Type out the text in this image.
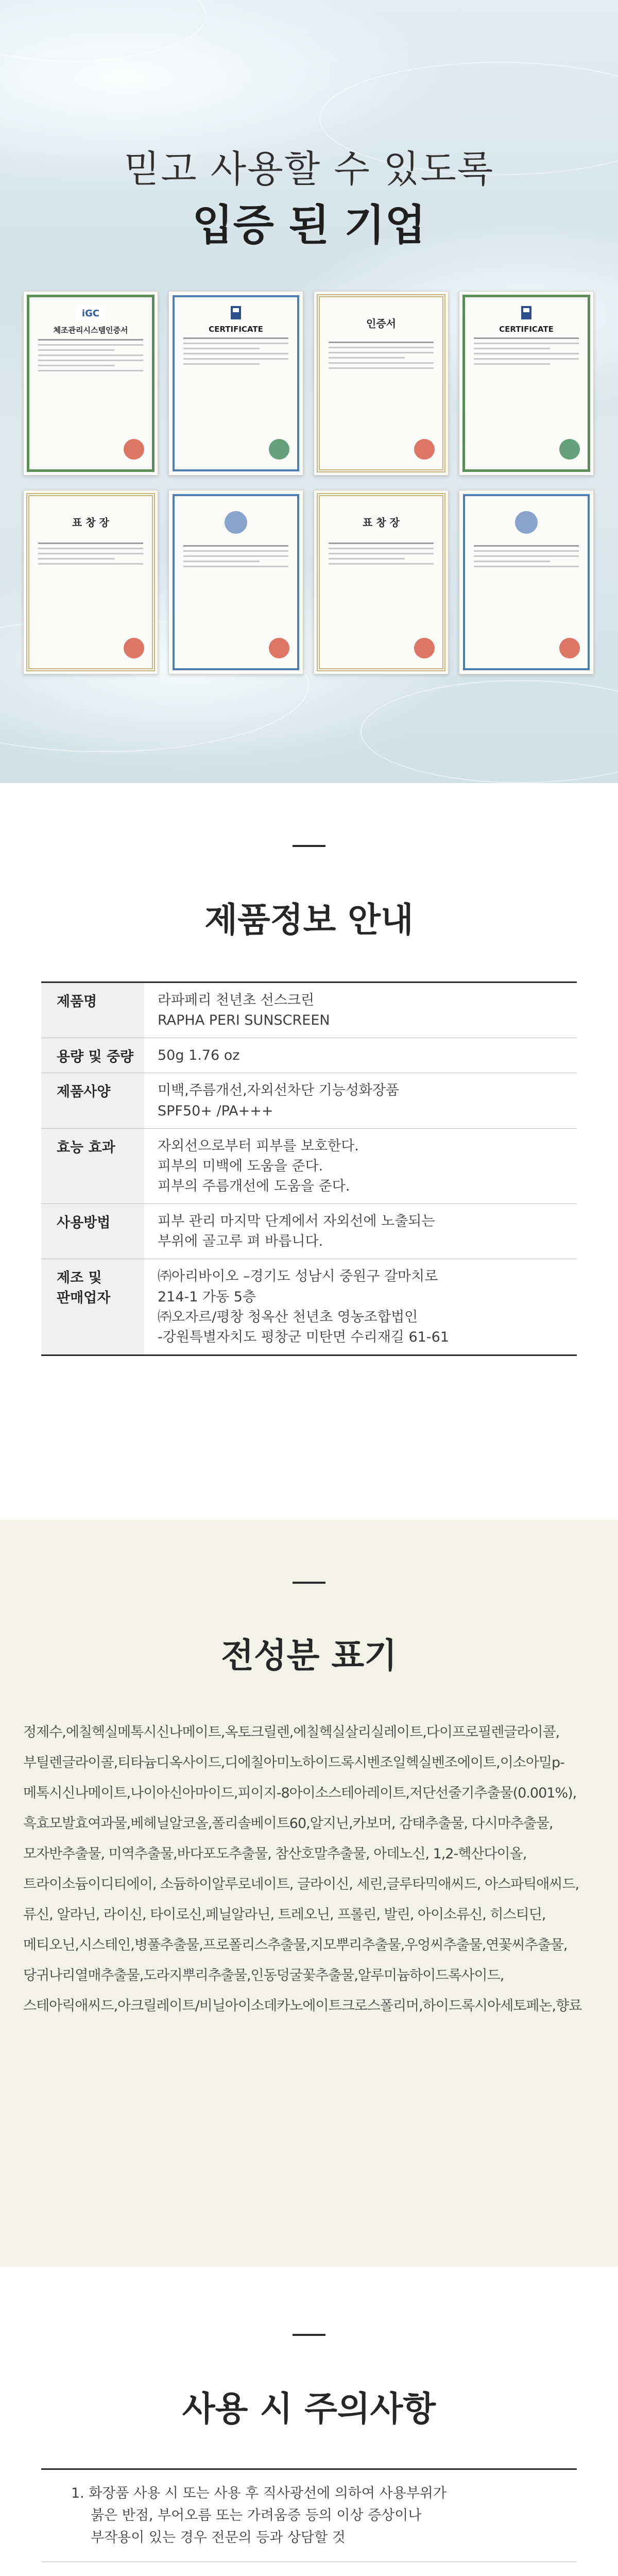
믿고 사용할 수 있도록
입증 된 기업
iGC
체조관리시스템인증서	CERTIFICATE	인증서	CERTIFICATE
표 창 장	표 창 장
제품정보 안내
제품명	라파페리 천년초 선스크린
RAPHA PERI SUNSCREEN
용량 및 중량	50g 1.76 oz
제품사양	미백,주름개선,자외선차단 기능성화장품
SPF50+ /PA+++
효능 효과	자외선으로부터 피부를 보호한다.
피부의 미백에 도움을 준다.
피부의 주름개선에 도움을 준다.
사용방법	피부 관리 마지막 단계에서 자외선에 노출되는
부위에 골고루 펴 바릅니다.
제조 및
판매업자
㈜아리바이오 –경기도 성남시 중원구 갈마치로
214-1 가동 5층
㈜오자르/평창 청옥산 천년초 영농조합법인
-강원특별자치도 평창군 미탄면 수리재길 61-61
전성분 표기
정제수,에칠헥실메톡시신나메이트,옥토크릴렌,에칠헥실살리실레이트,다이프로필렌글라이콜,부틸렌글라이콜,티타늄디옥사이드,디에칠아미노하이드록시벤조일헥실벤조에이트,이소아밀p-메톡시신나메이트,나이아신아마이드,피이지-8아이소스테아레이트,저단선줄기추출물(0.001%),흑효모발효여과물,베헤닐알코올,폴리솔베이트60,알지닌,카보머, 감태추출물, 다시마추출물, 모자반추출물, 미역추출물,바다포도추출물, 참산호말추출물, 아데노신, 1,2-헥산다이올,트라이소듐이디티에이, 소듐하이알루로네이트, 글라이신, 세린,글루타믹애씨드, 아스파틱애씨드, 류신, 알라닌, 라이신, 타이로신,페닐알라닌, 트레오닌, 프롤린, 발린, 아이소류신, 히스티딘, 메티오닌,시스테인,병풀추출물,프로폴리스추출물,지모뿌리추출물,우엉씨추출물,연꽃씨추출물,당귀나리열매추출물,도라지뿌리추출물,인동덩굴꽃추출물,알루미늄하이드록사이드,스테아릭애씨드,아크릴레이트/비닐아이소데카노에이트크로스폴리머,하이드록시아세토페논,향료
사용 시 주의사항
1. 화장품 사용 시 또는 사용 후 직사광선에 의하여 사용부위가
붉은 반점, 부어오름 또는 가려움증 등의 이상 증상이나
부작용이 있는 경우 전문의 등과 상담할 것
